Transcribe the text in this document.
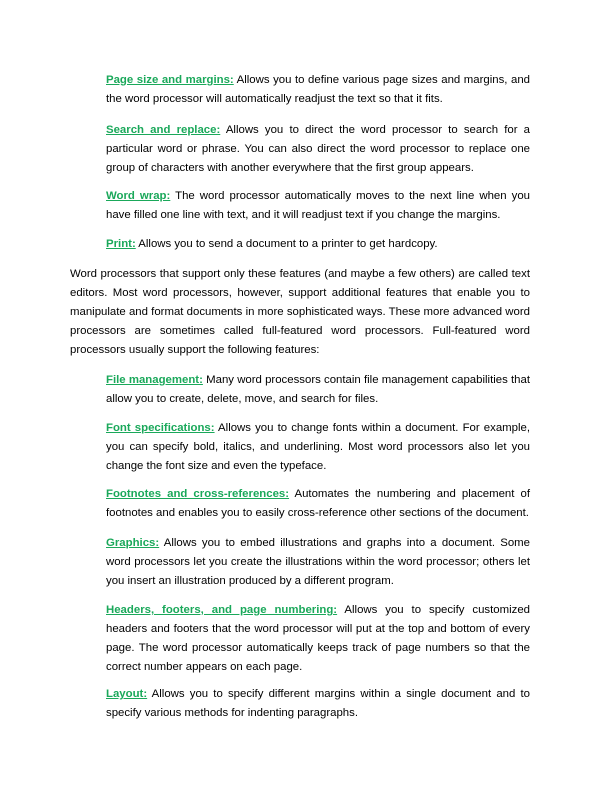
Page size and margins: Allows you to define various page sizes and margins, and the word processor will automatically readjust the text so that it fits.
Search and replace: Allows you to direct the word processor to search for a particular word or phrase. You can also direct the word processor to replace one group of characters with another everywhere that the first group appears.
Word wrap: The word processor automatically moves to the next line when you have filled one line with text, and it will readjust text if you change the margins.
Print: Allows you to send a document to a printer to get hardcopy.
Word processors that support only these features (and maybe a few others) are called text editors. Most word processors, however, support additional features that enable you to manipulate and format documents in more sophisticated ways. These more advanced word processors are sometimes called full-featured word processors. Full-featured word processors usually support the following features:
File management: Many word processors contain file management capabilities that allow you to create, delete, move, and search for files.
Font specifications: Allows you to change fonts within a document. For example, you can specify bold, italics, and underlining. Most word processors also let you change the font size and even the typeface.
Footnotes and cross-references: Automates the numbering and placement of footnotes and enables you to easily cross-reference other sections of the document.
Graphics: Allows you to embed illustrations and graphs into a document. Some word processors let you create the illustrations within the word processor; others let you insert an illustration produced by a different program.
Headers, footers, and page numbering: Allows you to specify customized headers and footers that the word processor will put at the top and bottom of every page. The word processor automatically keeps track of page numbers so that the correct number appears on each page.
Layout: Allows you to specify different margins within a single document and to specify various methods for indenting paragraphs.
